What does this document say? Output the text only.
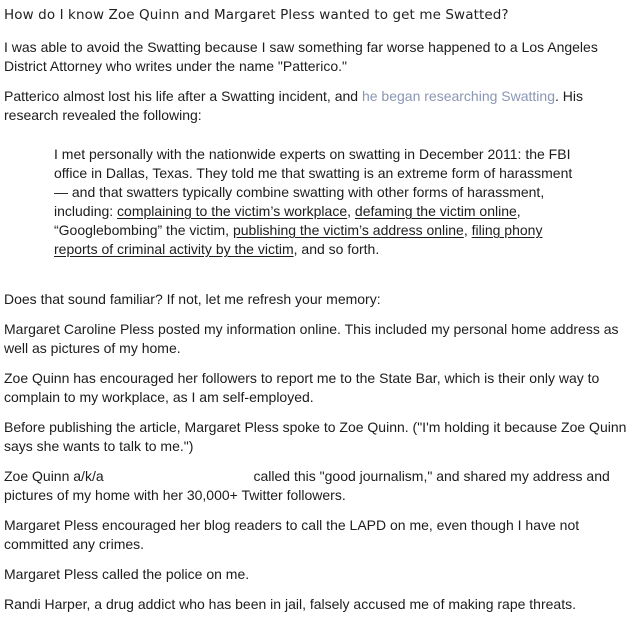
How do I know Zoe Quinn and Margaret Pless wanted to get me Swatted?

I was able to avoid the Swatting because I saw something far worse happened to a Los Angeles District Attorney who writes under the name "Patterico."

Patterico almost lost his life after a Swatting incident, and he began researching Swatting. His research revealed the following:

I met personally with the nationwide experts on swatting in December 2011: the FBI office in Dallas, Texas. They told me that swatting is an extreme form of harassment — and that swatters typically combine swatting with other forms of harassment, including: complaining to the victim’s workplace, defaming the victim online, “Googlebombing” the victim, publishing the victim’s address online, filing phony reports of criminal activity by the victim, and so forth.

Does that sound familiar? If not, let me refresh your memory:

Margaret Caroline Pless posted my information online. This included my personal home address as well as pictures of my home.

Zoe Quinn has encouraged her followers to report me to the State Bar, which is their only way to complain to my workplace, as I am self-employed.

Before publishing the article, Margaret Pless spoke to Zoe Quinn. ("I'm holding it because Zoe Quinn says she wants to talk to me.")

Zoe Quinn a/k/a	called this "good journalism," and shared my address and pictures of my home with her 30,000+ Twitter followers.

Margaret Pless encouraged her blog readers to call the LAPD on me, even though I have not committed any crimes.

Margaret Pless called the police on me.

Randi Harper, a drug addict who has been in jail, falsely accused me of making rape threats.
